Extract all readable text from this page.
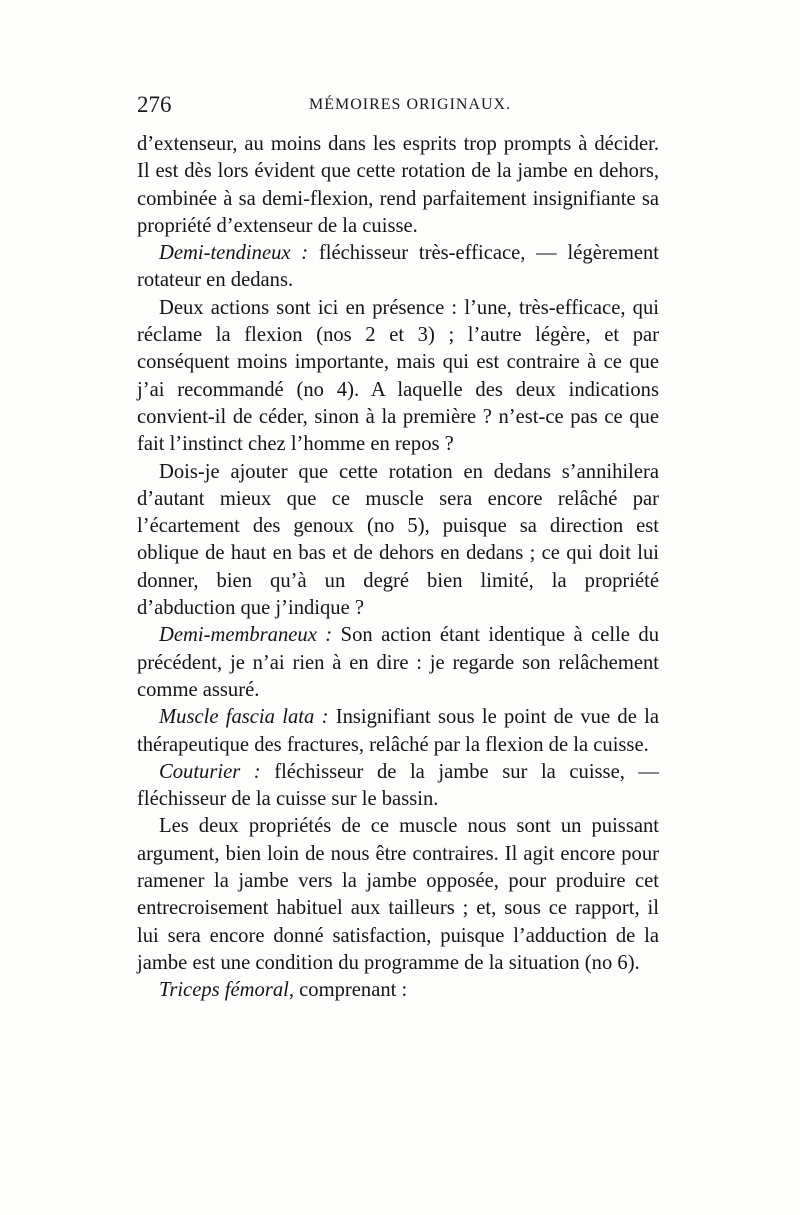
276	MÉMOIRES ORIGINAUX.

d’extenseur, au moins dans les esprits trop prompts à décider. Il est dès lors évident que cette rotation de la jambe en dehors, combinée à sa demi-flexion, rend parfaitement insignifiante sa propriété d’extenseur de la cuisse.

Demi-tendineux : fléchisseur très-efficace, — légèrement rotateur en dedans.

Deux actions sont ici en présence : l’une, très-efficace, qui réclame la flexion (nos 2 et 3) ; l’autre légère, et par conséquent moins importante, mais qui est contraire à ce que j’ai recommandé (no 4). A laquelle des deux indications convient-il de céder, sinon à la première ? n’est-ce pas ce que fait l’instinct chez l’homme en repos ?

Dois-je ajouter que cette rotation en dedans s’annihilera d’autant mieux que ce muscle sera encore relâché par l’écartement des genoux (no 5), puisque sa direction est oblique de haut en bas et de dehors en dedans ; ce qui doit lui donner, bien qu’à un degré bien limité, la propriété d’abduction que j’indique ?

Demi-membraneux : Son action étant identique à celle du précédent, je n’ai rien à en dire : je regarde son relâchement comme assuré.

Muscle fascia lata : Insignifiant sous le point de vue de la thérapeutique des fractures, relâché par la flexion de la cuisse.

Couturier : fléchisseur de la jambe sur la cuisse, — fléchisseur de la cuisse sur le bassin.

Les deux propriétés de ce muscle nous sont un puissant argument, bien loin de nous être contraires. Il agit encore pour ramener la jambe vers la jambe opposée, pour produire cet entrecroisement habituel aux tailleurs ; et, sous ce rapport, il lui sera encore donné satisfaction, puisque l’adduction de la jambe est une condition du programme de la situation (no 6).

Triceps fémoral, comprenant :
